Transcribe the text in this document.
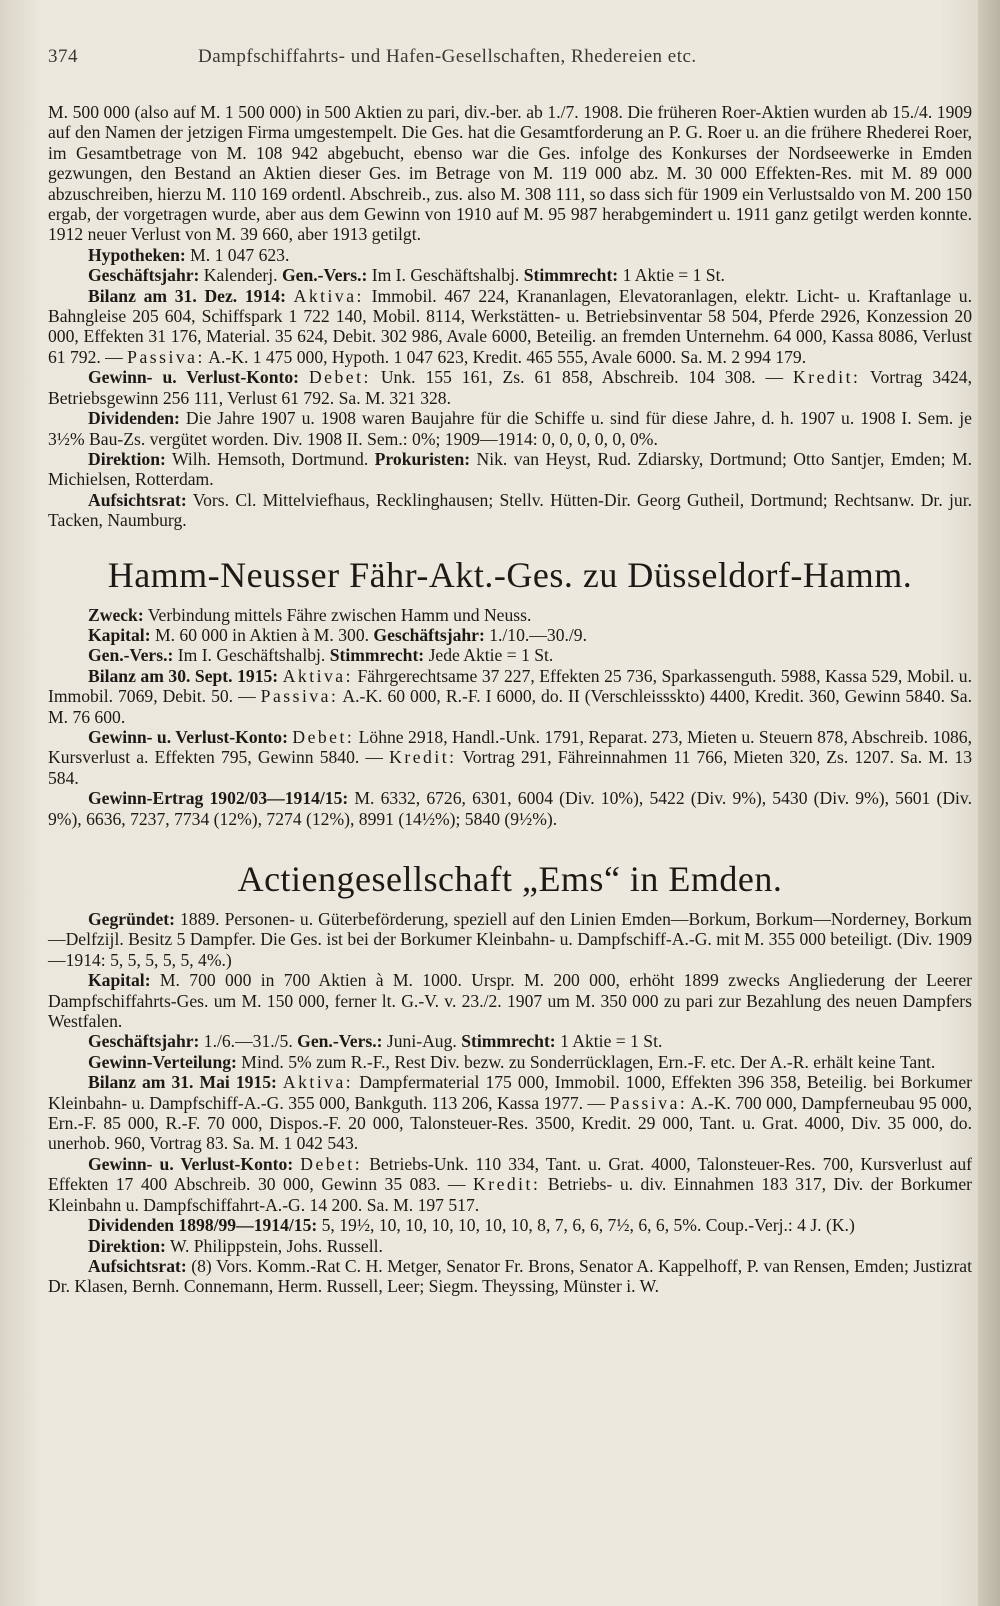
374	Dampfschiffahrts- und Hafen-Gesellschaften, Rhedereien etc.

M. 500 000 (also auf M. 1 500 000) in 500 Aktien zu pari, div.-ber. ab 1./7. 1908. Die früheren Roer-Aktien wurden ab 15./4. 1909 auf den Namen der jetzigen Firma umgestempelt. Die Ges. hat die Gesamtforderung an P. G. Roer u. an die frühere Rhederei Roer, im Gesamtbetrage von M. 108 942 abgebucht, ebenso war die Ges. infolge des Konkurses der Nordseewerke in Emden gezwungen, den Bestand an Aktien dieser Ges. im Betrage von M. 119 000 abz. M. 30 000 Effekten-Res. mit M. 89 000 abzuschreiben, hierzu M. 110 169 ordentl. Abschreib., zus. also M. 308 111, so dass sich für 1909 ein Verlustsaldo von M. 200 150 ergab, der vorgetragen wurde, aber aus dem Gewinn von 1910 auf M. 95 987 herabgemindert u. 1911 ganz getilgt werden konnte. 1912 neuer Verlust von M. 39 660, aber 1913 getilgt.

Hypotheken: M. 1 047 623.

Geschäftsjahr: Kalenderj. Gen.-Vers.: Im I. Geschäftshalbj. Stimmrecht: 1 Aktie = 1 St.

Bilanz am 31. Dez. 1914: Aktiva: Immobil. 467 224, Krananlagen, Elevatoranlagen, elektr. Licht- u. Kraftanlage u. Bahngleise 205 604, Schiffspark 1 722 140, Mobil. 8114, Werkstätten- u. Betriebsinventar 58 504, Pferde 2926, Konzession 20 000, Effekten 31 176, Material. 35 624, Debit. 302 986, Avale 6000, Beteilig. an fremden Unternehm. 64 000, Kassa 8086, Verlust 61 792. — Passiva: A.-K. 1 475 000, Hypoth. 1 047 623, Kredit. 465 555, Avale 6000. Sa. M. 2 994 179.

Gewinn- u. Verlust-Konto: Debet: Unk. 155 161, Zs. 61 858, Abschreib. 104 308. — Kredit: Vortrag 3424, Betriebsgewinn 256 111, Verlust 61 792. Sa. M. 321 328.

Dividenden: Die Jahre 1907 u. 1908 waren Baujahre für die Schiffe u. sind für diese Jahre, d. h. 1907 u. 1908 I. Sem. je 3½% Bau-Zs. vergütet worden. Div. 1908 II. Sem.: 0%; 1909—1914: 0, 0, 0, 0, 0, 0%.

Direktion: Wilh. Hemsoth, Dortmund. Prokuristen: Nik. van Heyst, Rud. Zdiarsky, Dortmund; Otto Santjer, Emden; M. Michielsen, Rotterdam.

Aufsichtsrat: Vors. Cl. Mittelviefhaus, Recklinghausen; Stellv. Hütten-Dir. Georg Gutheil, Dortmund; Rechtsanw. Dr. jur. Tacken, Naumburg.

Hamm-Neusser Fähr-Akt.-Ges. zu Düsseldorf-Hamm.

Zweck: Verbindung mittels Fähre zwischen Hamm und Neuss.

Kapital: M. 60 000 in Aktien à M. 300. Geschäftsjahr: 1./10.—30./9.

Gen.-Vers.: Im I. Geschäftshalbj. Stimmrecht: Jede Aktie = 1 St.

Bilanz am 30. Sept. 1915: Aktiva: Fährgerechtsame 37 227, Effekten 25 736, Sparkassenguth. 5988, Kassa 529, Mobil. u. Immobil. 7069, Debit. 50. — Passiva: A.-K. 60 000, R.-F. I 6000, do. II (Verschleissskto) 4400, Kredit. 360, Gewinn 5840. Sa. M. 76 600.

Gewinn- u. Verlust-Konto: Debet: Löhne 2918, Handl.-Unk. 1791, Reparat. 273, Mieten u. Steuern 878, Abschreib. 1086, Kursverlust a. Effekten 795, Gewinn 5840. — Kredit: Vortrag 291, Fähreinnahmen 11 766, Mieten 320, Zs. 1207. Sa. M. 13 584.

Gewinn-Ertrag 1902/03—1914/15: M. 6332, 6726, 6301, 6004 (Div. 10%), 5422 (Div. 9%), 5430 (Div. 9%), 5601 (Div. 9%), 6636, 7237, 7734 (12%), 7274 (12%), 8991 (14½%); 5840 (9½%).

Actiengesellschaft „Ems“ in Emden.

Gegründet: 1889. Personen- u. Güterbeförderung, speziell auf den Linien Emden—Borkum, Borkum—Norderney, Borkum—Delfzijl. Besitz 5 Dampfer. Die Ges. ist bei der Borkumer Kleinbahn- u. Dampfschiff-A.-G. mit M. 355 000 beteiligt. (Div. 1909—1914: 5, 5, 5, 5, 5, 4%.)

Kapital: M. 700 000 in 700 Aktien à M. 1000. Urspr. M. 200 000, erhöht 1899 zwecks Angliederung der Leerer Dampfschiffahrts-Ges. um M. 150 000, ferner lt. G.-V. v. 23./2. 1907 um M. 350 000 zu pari zur Bezahlung des neuen Dampfers Westfalen.

Geschäftsjahr: 1./6.—31./5. Gen.-Vers.: Juni-Aug. Stimmrecht: 1 Aktie = 1 St.

Gewinn-Verteilung: Mind. 5% zum R.-F., Rest Div. bezw. zu Sonderrücklagen, Ern.-F. etc. Der A.-R. erhält keine Tant.

Bilanz am 31. Mai 1915: Aktiva: Dampfermaterial 175 000, Immobil. 1000, Effekten 396 358, Beteilig. bei Borkumer Kleinbahn- u. Dampfschiff-A.-G. 355 000, Bankguth. 113 206, Kassa 1977. — Passiva: A.-K. 700 000, Dampferneubau 95 000, Ern.-F. 85 000, R.-F. 70 000, Dispos.-F. 20 000, Talonsteuer-Res. 3500, Kredit. 29 000, Tant. u. Grat. 4000, Div. 35 000, do. unerhob. 960, Vortrag 83. Sa. M. 1 042 543.

Gewinn- u. Verlust-Konto: Debet: Betriebs-Unk. 110 334, Tant. u. Grat. 4000, Talonsteuer-Res. 700, Kursverlust auf Effekten 17 400 Abschreib. 30 000, Gewinn 35 083. — Kredit: Betriebs- u. div. Einnahmen 183 317, Div. der Borkumer Kleinbahn u. Dampfschiffahrt-A.-G. 14 200. Sa. M. 197 517.

Dividenden 1898/99—1914/15: 5, 19½, 10, 10, 10, 10, 10, 10, 8, 7, 6, 6, 7½, 6, 6, 5%. Coup.-Verj.: 4 J. (K.)

Direktion: W. Philippstein, Johs. Russell.

Aufsichtsrat: (8) Vors. Komm.-Rat C. H. Metger, Senator Fr. Brons, Senator A. Kappelhoff, P. van Rensen, Emden; Justizrat Dr. Klasen, Bernh. Connemann, Herm. Russell, Leer; Siegm. Theyssing, Münster i. W.
